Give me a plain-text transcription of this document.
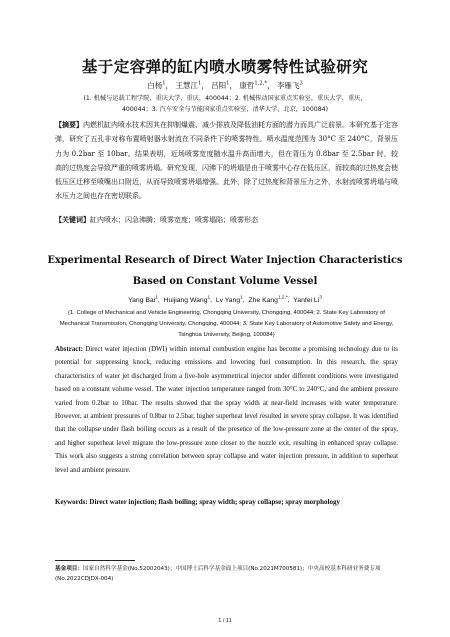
基于定容弹的缸内喷水喷雾特性试验研究
白杨$^1$， 王慧江$^1$， 吕阳$^1$， 康哲$^{1,2,*}$， 李雁飞$^3$
(1. 机械与运载工程学院，重庆大学，重庆，400044；2. 机械传动国家重点实验室，重庆大学，重庆，
400044；3. 汽车安全与节能国家重点实验室，清华大学，北京，100084)
【摘要】内燃机缸内喷水技术因其在抑制爆震、减少排放及降低油耗方面的潜力而具广泛前景。本研究基于定容弹，研究了五孔非对称布置喷射器水射流在不同条件下的喷雾特性。喷水温度范围为 30°C 至 240°C，背景压力为 0.2bar 至 10bar。结果表明，近场喷雾宽度随水温升高而增大，但在背压为 0.8bar 至 2.5bar 时，较高的过热度会导致严重的喷雾坍塌。研究发现，闪沸下的坍塌是由于喷雾中心存在低压区，而较高的过热度会使低压区迁移至喷嘴出口附近，从而导致喷雾坍塌增强。此外，除了过热度和背景压力之外，水射流喷雾坍塌与喷水压力之间也存在密切联系。
【关键词】缸内喷水；闪急沸腾；喷雾宽度；喷雾塌陷；喷雾形态
Experimental Research of Direct Water Injection Characteristics
Based on Constant Volume Vessel
Yang Bai$^1$,  Huijiang Wang$^1$,  Lv Yang$^1$,  Zhe Kang$^{1,2,*}$,  Yanfei Li$^3$
(1. College of Mechanical and Vehicle Engineering, Chongqing University, Chongqing, 400044; 2. State Key Laboratory of Mechanical Transmission, Chongqing University, Chongqing, 400044; 3. State Key Laboratory of Automotive Safety and Energy, Tsinghua University, Beijing, 100084)
Abstract: Direct water injection (DWI) within internal combustion engine has become a promising technology due to its potential for suppressing knock, reducing emissions and lowering fuel consumption. In this research, the spray characteristics of water jet discharged from a five-hole asymmetrical injector under different conditions were investigated based on a constant volume vessel. The water injection temperature ranged from 30°C to 240°C, and the ambient pressure varied from 0.2bar to 10bar. The results showed that the spray width at near-field increases with water temperature. However, at ambient pressures of 0.8bar to 2.5bar, higher superheat level resulted in severe spray collapse. It was identified that the collapse under flash boiling occurs as a result of the presence of the low-pressure zone at the center of the spray, and higher superheat level migrate the low-pressure zone closer to the nozzle exit, resulting in enhanced spray collapse. This work also suggests a strong correlation between spray collapse and water injection pressure, in addition to superheat level and ambient pressure.
Keywords: Direct water injection; flash boiling; spray width; spray collapse; spray morphology
基金项目：国家自然科学基金(No.52002043)；中国博士后科学基金面上项目(No.2021M700581)；中央高校基本科研业务费专项 (No.2022CDJDX-004)
1 / 11
